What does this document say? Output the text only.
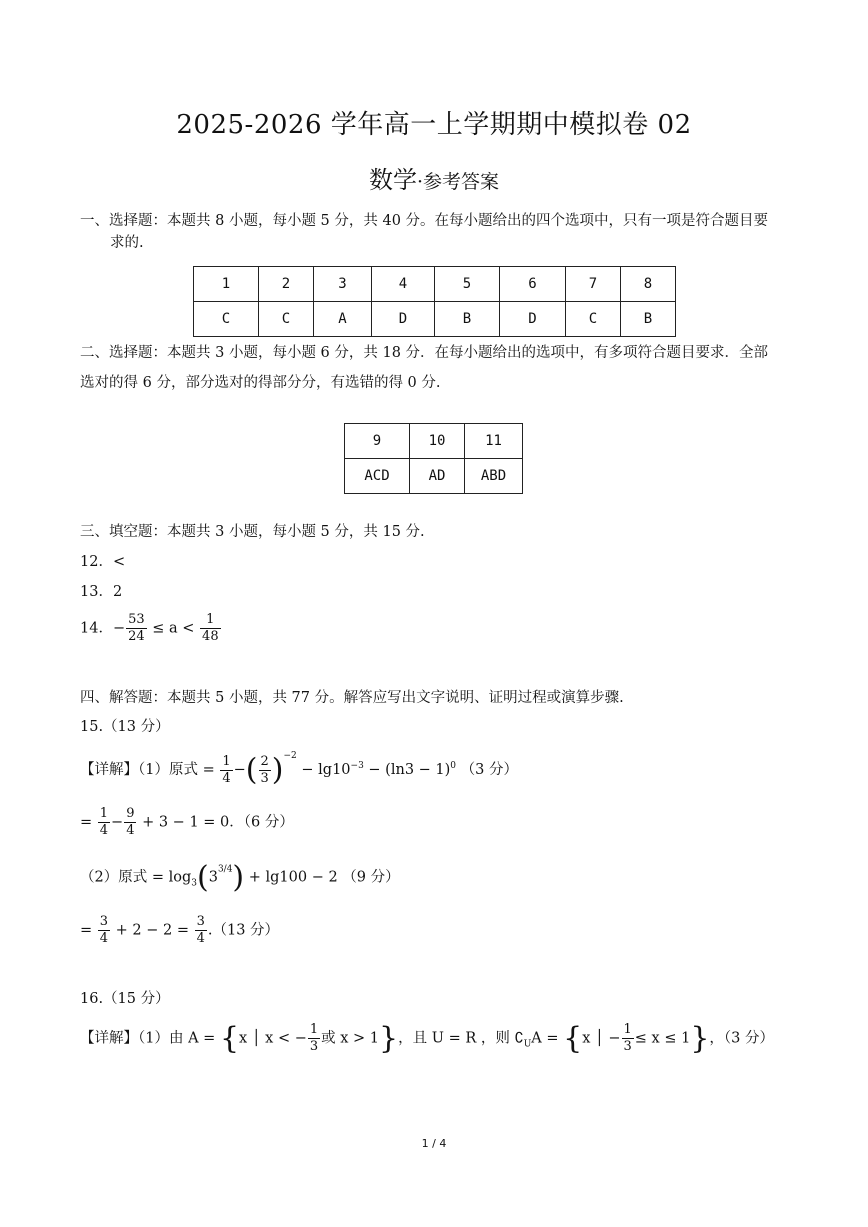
2025-2026 学年高一上学期期中模拟卷 02
数学·参考答案
一、选择题：本题共 8 小题，每小题 5 分，共 40 分。在每小题给出的四个选项中，只有一项是符合题目要
求的.
1	2	3	4	5	6	7	8
C	C	A	D	B	D	C	B
二、选择题：本题共 3 小题，每小题 6 分，共 18 分．在每小题给出的选项中，有多项符合题目要求．全部
选对的得 6 分，部分选对的得部分分，有选错的得 0 分.
9	10	11
ACD	AD	ABD
三、填空题：本题共 3 小题，每小题 5 分，共 15 分.
12．<
13．2
14．− $\frac{53}{24} \le a < \frac{1}{48}$
四、解答题：本题共 5 小题，共 77 分。解答应写出文字说明、证明过程或演算步骤.
15.（13 分）
【详解】（1）原式 = $\frac{1}{4}$ −( $\frac{2}{3} )^{-2} - \lg 10^{-3} - (\ln 3 - 1)^0$ （3 分）
= $\frac{1}{4} - \frac{9}{4} + 3 - 1 = 0$．（6 分）
（2）原式 = $\log_3(3^{3/4}) + \lg 100 - 2$ （9 分）
= $\frac{3}{4} + 2 - 2 = \frac{3}{4} .(13$ 分）
16.（15 分）
【详解】（1）由 A = {x │ x < − $\frac{1}{3}$ 或 x > 1}，且 U = R ，则 $∁_UA = \{x$ │ − $\frac{1}{3} \le x \le 1$}，（3 分）
1 / 4
